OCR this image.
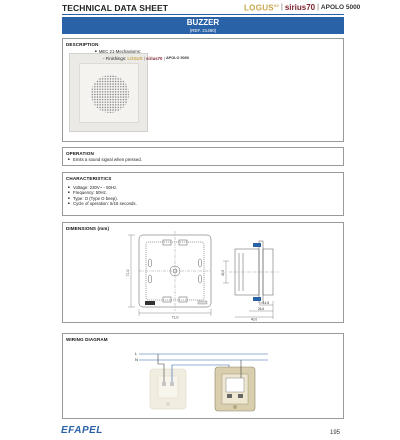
TECHNICAL DATA SHEET	LOGUS$^{90}$ | sirius70 | APOLO 5000
BUZZER
(REF. 21490)
DESCRIPTION
■ MEC 21-Mechanisms:
- Finishings:
LOGUS | sirius70 | APOLO 5000
OPERATION
■ Emits a sound signal when pressed.
CHARACTERISTICS
■ Voltage: 230V~ - 50Hz.
■ Frequency: 50Hz.
■ Type: O (Type O beep).
■ Cycle of operation: 5/15 seconds.
DIMENSIONS (mm)
71,0
71,0	45,0
14,8
26,6
40,0
WIRING DIAGRAM
L
N
EFAPEL	195
